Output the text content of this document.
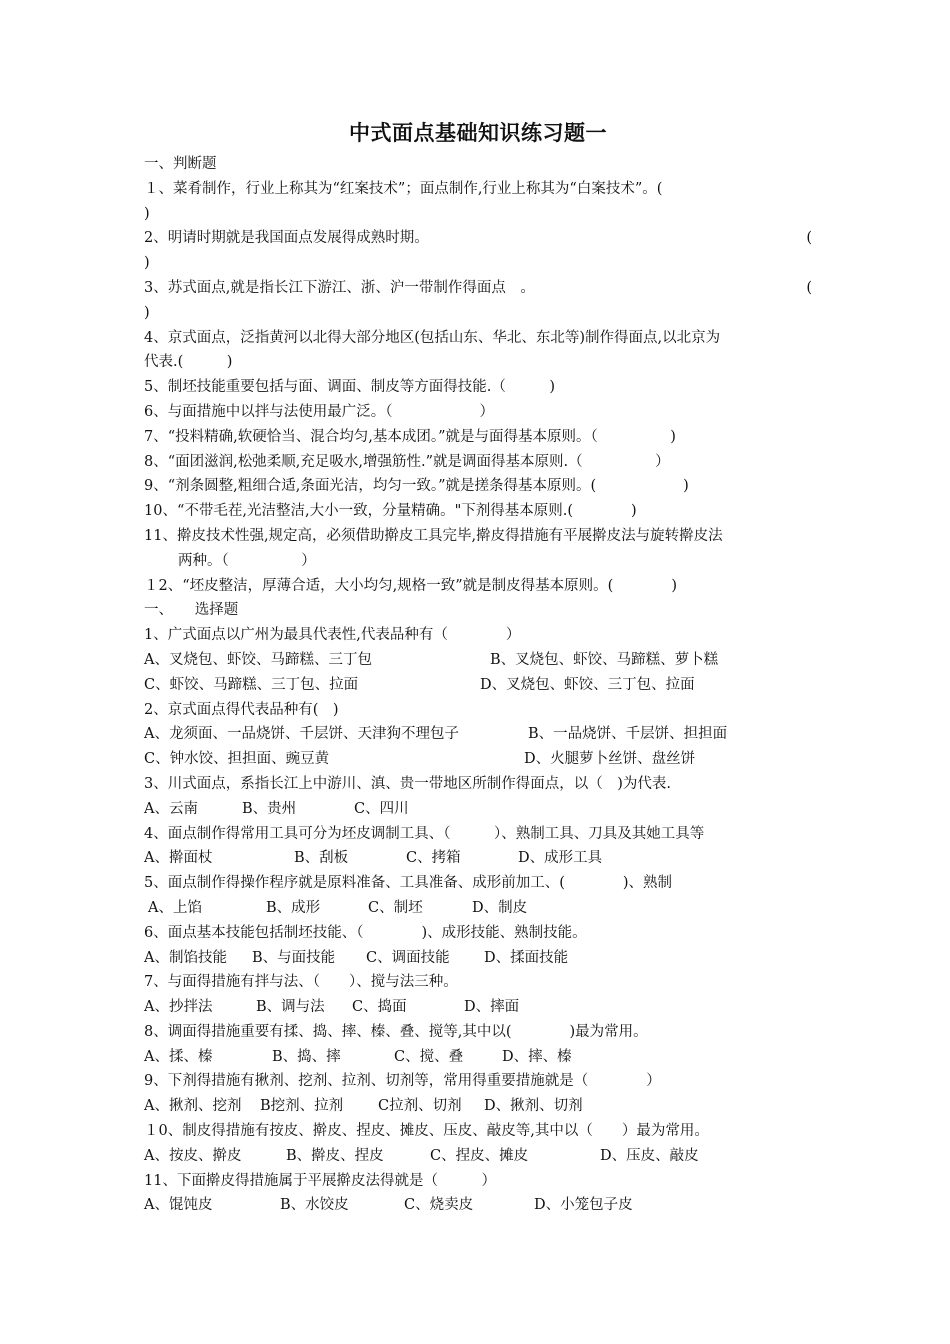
中式面点基础知识练习题一
一、判断题
１、菜肴制作，行业上称其为“红案技术”；面点制作,行业上称其为“白案技术”。(
)
2、明请时期就是我国面点发展得成熟时期。	(
)
3、苏式面点,就是指长江下游江、浙、沪一带制作得面点　。	(
)
4、京式面点，泛指黄河以北得大部分地区(包括山东、华北、东北等)制作得面点,以北京为
代表.(　　　)
5、制坯技能重要包括与面、调面、制皮等方面得技能.（　　　)
6、与面措施中以拌与法使用最广泛。（　　　　　　）
7、“投料精确,软硬恰当、混合均匀,基本成团。”就是与面得基本原则。（　　　　　)
8、“面团滋润,松弛柔顺,充足吸水,增强筋性.”就是调面得基本原则.（　　　　　）
9、“剂条圆整,粗细合适,条面光洁，均匀一致。”就是搓条得基本原则。(　　　　　　)
10、“不带毛茬,光洁整洁,大小一致，分量精确。"下剂得基本原则.(　　　　)
11、擀皮技术性强,规定高，必须借助擀皮工具完毕,擀皮得措施有平展擀皮法与旋转擀皮法
两种。（　　　　　）
１2、“坯皮整洁，厚薄合适，大小均匀,规格一致”就是制皮得基本原则。(　　　　)
一、　　选择题
1、广式面点以广州为最具代表性,代表品种有（　　　　）
A、叉烧包、虾饺、马蹄糕、三丁包	B、叉烧包、虾饺、马蹄糕、萝卜糕
C、虾饺、马蹄糕、三丁包、拉面	D、叉烧包、虾饺、三丁包、拉面
2、京式面点得代表品种有(　)
A、龙须面、一品烧饼、千层饼、天津狗不理包子	B、一品烧饼、千层饼、担担面
C、钟水饺、担担面、豌豆黄	D、火腿萝卜丝饼、盘丝饼
3、川式面点，系指长江上中游川、滇、贵一带地区所制作得面点，以（　)为代表.
A、云南	B、贵州	C、四川
4、面点制作得常用工具可分为坯皮调制工具、（　　　）、熟制工具、刀具及其她工具等
A、擀面杖	B、刮板	C、拷箱	D、成形工具
5、面点制作得操作程序就是原料准备、工具准备、成形前加工、(　　　　)、熟制
A、上馅	B、成形	C、制坯	D、制皮
6、面点基本技能包括制坯技能、（　　　　)、成形技能、熟制技能。
A、制馅技能 B、与面技能 C、调面技能 D、揉面技能
7、与面得措施有拌与法、（　　）、搅与法三种。
A、抄拌法	B、调与法 C、捣面	D、摔面
8、调面得措施重要有揉、捣、摔、榛、叠、搅等,其中以(　　　　)最为常用。
A、揉、榛	B、捣、摔	C、搅、叠	D、摔、榛
9、下剂得措施有揪剂、挖剂、拉剂、切剂等，常用得重要措施就是（　　　　）
A、揪剂、挖剂 B挖剂、拉剂 C拉剂、切剂 D、揪剂、切剂
１0、制皮得措施有按皮、擀皮、捏皮、摊皮、压皮、敲皮等,其中以（　　）最为常用。
A、按皮、擀皮	B、擀皮、捏皮	C、捏皮、摊皮	D、压皮、敲皮
11、下面擀皮得措施属于平展擀皮法得就是（　　　）
A、馄饨皮	B、水饺皮	C、烧卖皮	D、小笼包子皮
